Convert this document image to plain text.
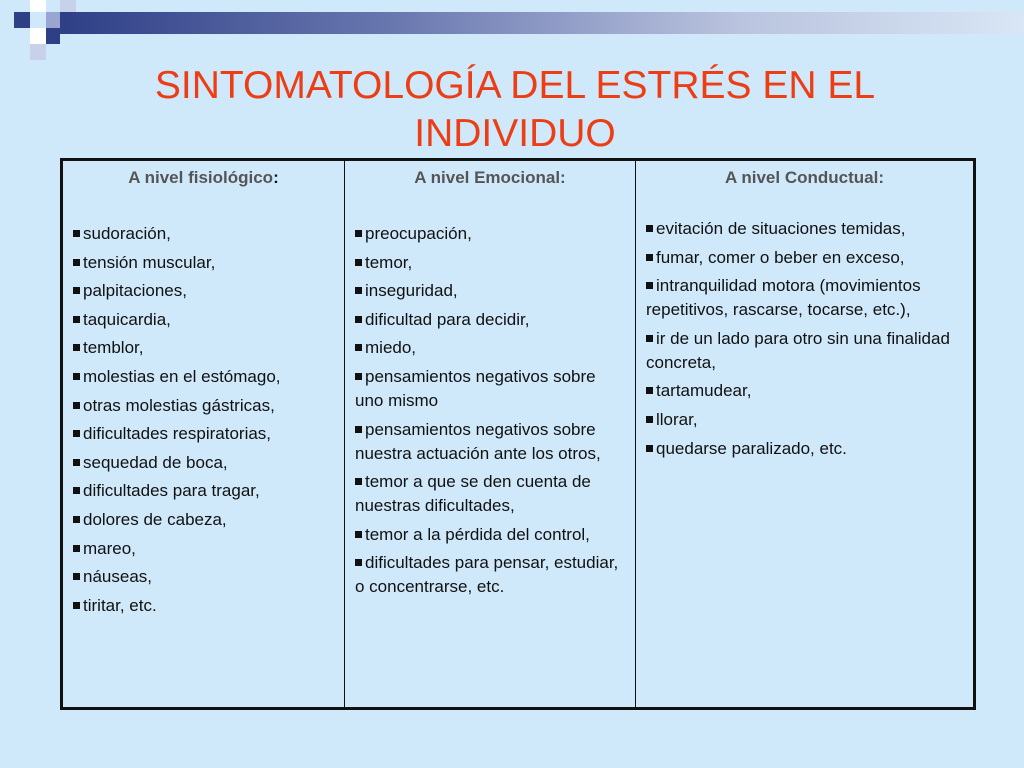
SINTOMATOLOGÍA DEL ESTRÉS EN EL INDIVIDUO
A nivel fisiológico:
sudoración,
tensión muscular,
palpitaciones,
taquicardia,
temblor,
molestias en el estómago,
otras molestias gástricas,
dificultades respiratorias,
sequedad de boca,
dificultades para tragar,
dolores de cabeza,
mareo,
náuseas,
tiritar, etc.

A nivel Emocional:
preocupación,
temor,
inseguridad,
dificultad para decidir,
miedo,
pensamientos negativos sobre uno mismo
pensamientos negativos sobre nuestra actuación ante los otros,
temor a que se den cuenta de nuestras dificultades,
temor a la pérdida del control,
dificultades para pensar, estudiar, o concentrarse, etc.

A nivel Conductual:
evitación de situaciones temidas,
fumar, comer o beber en exceso,
intranquilidad motora (movimientos repetitivos, rascarse, tocarse, etc.),
ir de un lado para otro sin una finalidad concreta,
tartamudear,
llorar,
quedarse paralizado, etc.
